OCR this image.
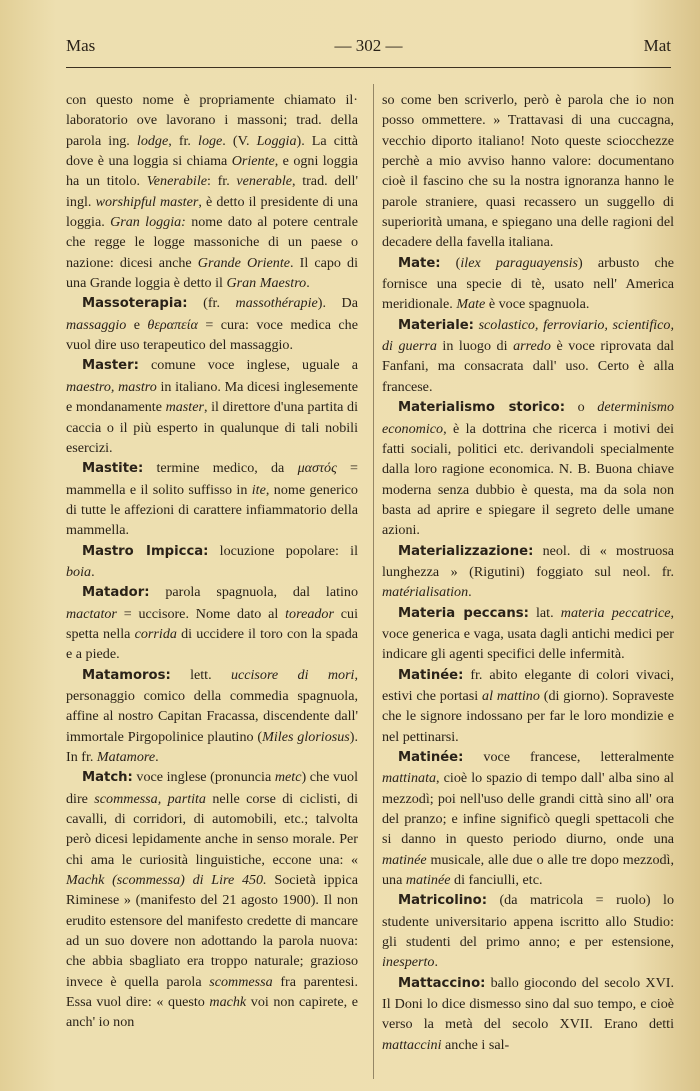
Mas	— 302 —	Mat

con questo nome è propriamente chiamato il· laboratorio ove lavorano i massoni; trad. della parola ing. lodge, fr. loge. (V. Loggia). La città dove è una loggia si chiama Oriente, e ogni loggia ha un titolo. Venerabile: fr. venerable, trad. dell' ingl. worshipful master, è detto il presidente di una loggia. Gran loggia: nome dato al potere centrale che regge le logge massoniche di un paese o nazione: dicesi anche Grande Oriente. Il capo di una Grande loggia è detto il Gran Maestro.

Massoterapia: (fr. massothérapie). Da massaggio e θεραπεία = cura: voce medica che vuol dire uso terapeutico del massaggio.

Master: comune voce inglese, uguale a maestro, mastro in italiano. Ma dicesi inglesemente e mondanamente master, il direttore d'una partita di caccia o il più esperto in qualunque di tali nobili esercizi.

Mastite: termine medico, da μαστός = mammella e il solito suffisso in ite, nome generico di tutte le affezioni di carattere infiammatorio della mammella.

Mastro Impicca: locuzione popolare: il boia.

Matador: parola spagnuola, dal latino mactator = uccisore. Nome dato al toreador cui spetta nella corrida di uccidere il toro con la spada e a piede.

Matamoros: lett. uccisore di mori, personaggio comico della commedia spagnuola, affine al nostro Capitan Fracassa, discendente dall' immortale Pirgopolinice plautino (Miles gloriosus). In fr. Matamore.

Match: voce inglese (pronuncia metc) che vuol dire scommessa, partita nelle corse di ciclisti, di cavalli, di corridori, di automobili, etc.; talvolta però dicesi lepidamente anche in senso morale. Per chi ama le curiosità linguistiche, eccone una: « Machk (scommessa) di Lire 450. Società ippica Riminese » (manifesto del 21 agosto 1900). Il non erudito estensore del manifesto credette di mancare ad un suo dovere non adottando la parola nuova: che abbia sbagliato era troppo naturale; grazioso invece è quella parola scommessa fra parentesi. Essa vuol dire: « questo machk voi non capirete, e anch' io non

so come ben scriverlo, però è parola che io non posso ommettere. » Trattavasi di una cuccagna, vecchio diporto italiano! Noto queste sciocchezze perchè a mio avviso hanno valore: documentano cioè il fascino che su la nostra ignoranza hanno le parole straniere, quasi recassero un suggello di superiorità umana, e spiegano una delle ragioni del decadere della favella italiana.

Mate: (ilex paraguayensis) arbusto che fornisce una specie di tè, usato nell' America meridionale. Mate è voce spagnuola.

Materiale: scolastico, ferroviario, scientifico, di guerra in luogo di arredo è voce riprovata dal Fanfani, ma consacrata dall' uso. Certo è alla francese.

Materialismo storico: o determinismo economico, è la dottrina che ricerca i motivi dei fatti sociali, politici etc. derivandoli specialmente dalla loro ragione economica. N. B. Buona chiave moderna senza dubbio è questa, ma da sola non basta ad aprire e spiegare il segreto delle umane azioni.

Materializzazione: neol. di « mostruosa lunghezza » (Rigutini) foggiato sul neol. fr. matérialisation.

Materia peccans: lat. materia peccatrice, voce generica e vaga, usata dagli antichi medici per indicare gli agenti specifici delle infermità.

Matinée: fr. abito elegante di colori vivaci, estivi che portasi al mattino (di giorno). Sopraveste che le signore indossano per far le loro mondizie e nel pettinarsi.

Matinée: voce francese, letteralmente mattinata, cioè lo spazio di tempo dall' alba sino al mezzodì; poi nell'uso delle grandi città sino all' ora del pranzo; e infine significò quegli spettacoli che si danno in questo periodo diurno, onde una matinée musicale, alle due o alle tre dopo mezzodì, una matinée di fanciulli, etc.

Matricolino: (da matricola = ruolo) lo studente universitario appena iscritto allo Studio: gli studenti del primo anno; e per estensione, inesperto.

Mattaccino: ballo giocondo del secolo XVI. Il Doni lo dice dismesso sino dal suo tempo, e cioè verso la metà del secolo XVII. Erano detti mattaccini anche i sal-
